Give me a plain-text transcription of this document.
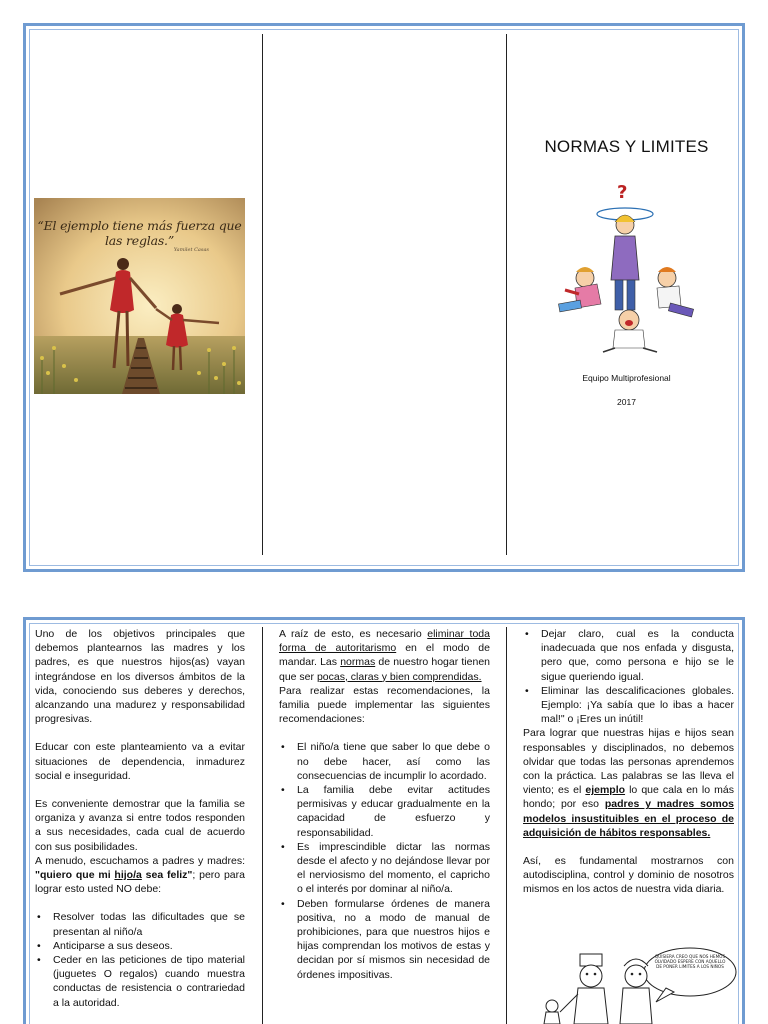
“El ejemplo tiene más fuerza que las reglas.”
Yamilet Casas
NORMAS Y LIMITES
?
Equipo Multiprofesional
2017

Uno de los objetivos principales que debemos plantearnos las madres y los padres, es que nuestros hijos(as) vayan integrándose en los diversos ámbitos de la vida, conociendo sus deberes y derechos, alcanzando una madurez y responsabilidad progresivas.

Educar con este planteamiento va a evitar situaciones de dependencia, inmadurez social e inseguridad.

Es conveniente demostrar que la familia se organiza y avanza si entre todos responden a sus necesidades, cada cual de acuerdo con sus posibilidades.

A menudo, escuchamos a padres y madres: "quiero que mi hijo/a sea feliz"; pero para lograr esto usted NO debe:

• Resolver todas las dificultades que se presentan al niño/a
• Anticiparse a sus deseos.
• Ceder en las peticiones de tipo material (juguetes O regalos) cuando muestra conductas de resistencia o contrariedad a la autoridad.

A raíz de esto, es necesario eliminar toda forma de autoritarismo en el modo de mandar. Las normas de nuestro hogar tienen que ser pocas, claras y bien comprendidas.

Para realizar estas recomendaciones, la familia puede implementar las siguientes recomendaciones:

• El niño/a tiene que saber lo que debe o no debe hacer, así como las consecuencias de incumplir lo acordado.
• La familia debe evitar actitudes permisivas y educar gradualmente en la capacidad de esfuerzo y responsabilidad.
• Es imprescindible dictar las normas desde el afecto y no dejándose llevar por el nerviosismo del momento, el capricho o el interés por dominar al niño/a.
• Deben formularse órdenes de manera positiva, no a modo de manual de prohibiciones, para que nuestros hijos e hijas comprendan los motivos de estas y decidan por sí mismos sin necesidad de órdenes impositivas.
• Dejar claro, cual es la conducta inadecuada que nos enfada y disgusta, pero que, como persona e hijo se le sigue queriendo igual.
• Eliminar las descalificaciones globales. Ejemplo: ¡Ya sabía que lo ibas a hacer mal!" o ¡Eres un inútil!

Para lograr que nuestras hijas e hijos sean responsables y disciplinados, no debemos olvidar que todas las personas aprendemos con la práctica. Las palabras se las lleva el viento; es el ejemplo lo que cala en lo más hondo; por eso padres y madres somos modelos insustituibles en el proceso de adquisición de hábitos responsables.

Así, es fundamental mostrarnos con autodisciplina, control y dominio de nosotros mismos en los actos de nuestra vida diaria.

QUISIERA CREO QUE NOS HEMOS OLVIDADO ESPERE CON AQUELLO DE PONER LIMITES A LOS NIÑOS
